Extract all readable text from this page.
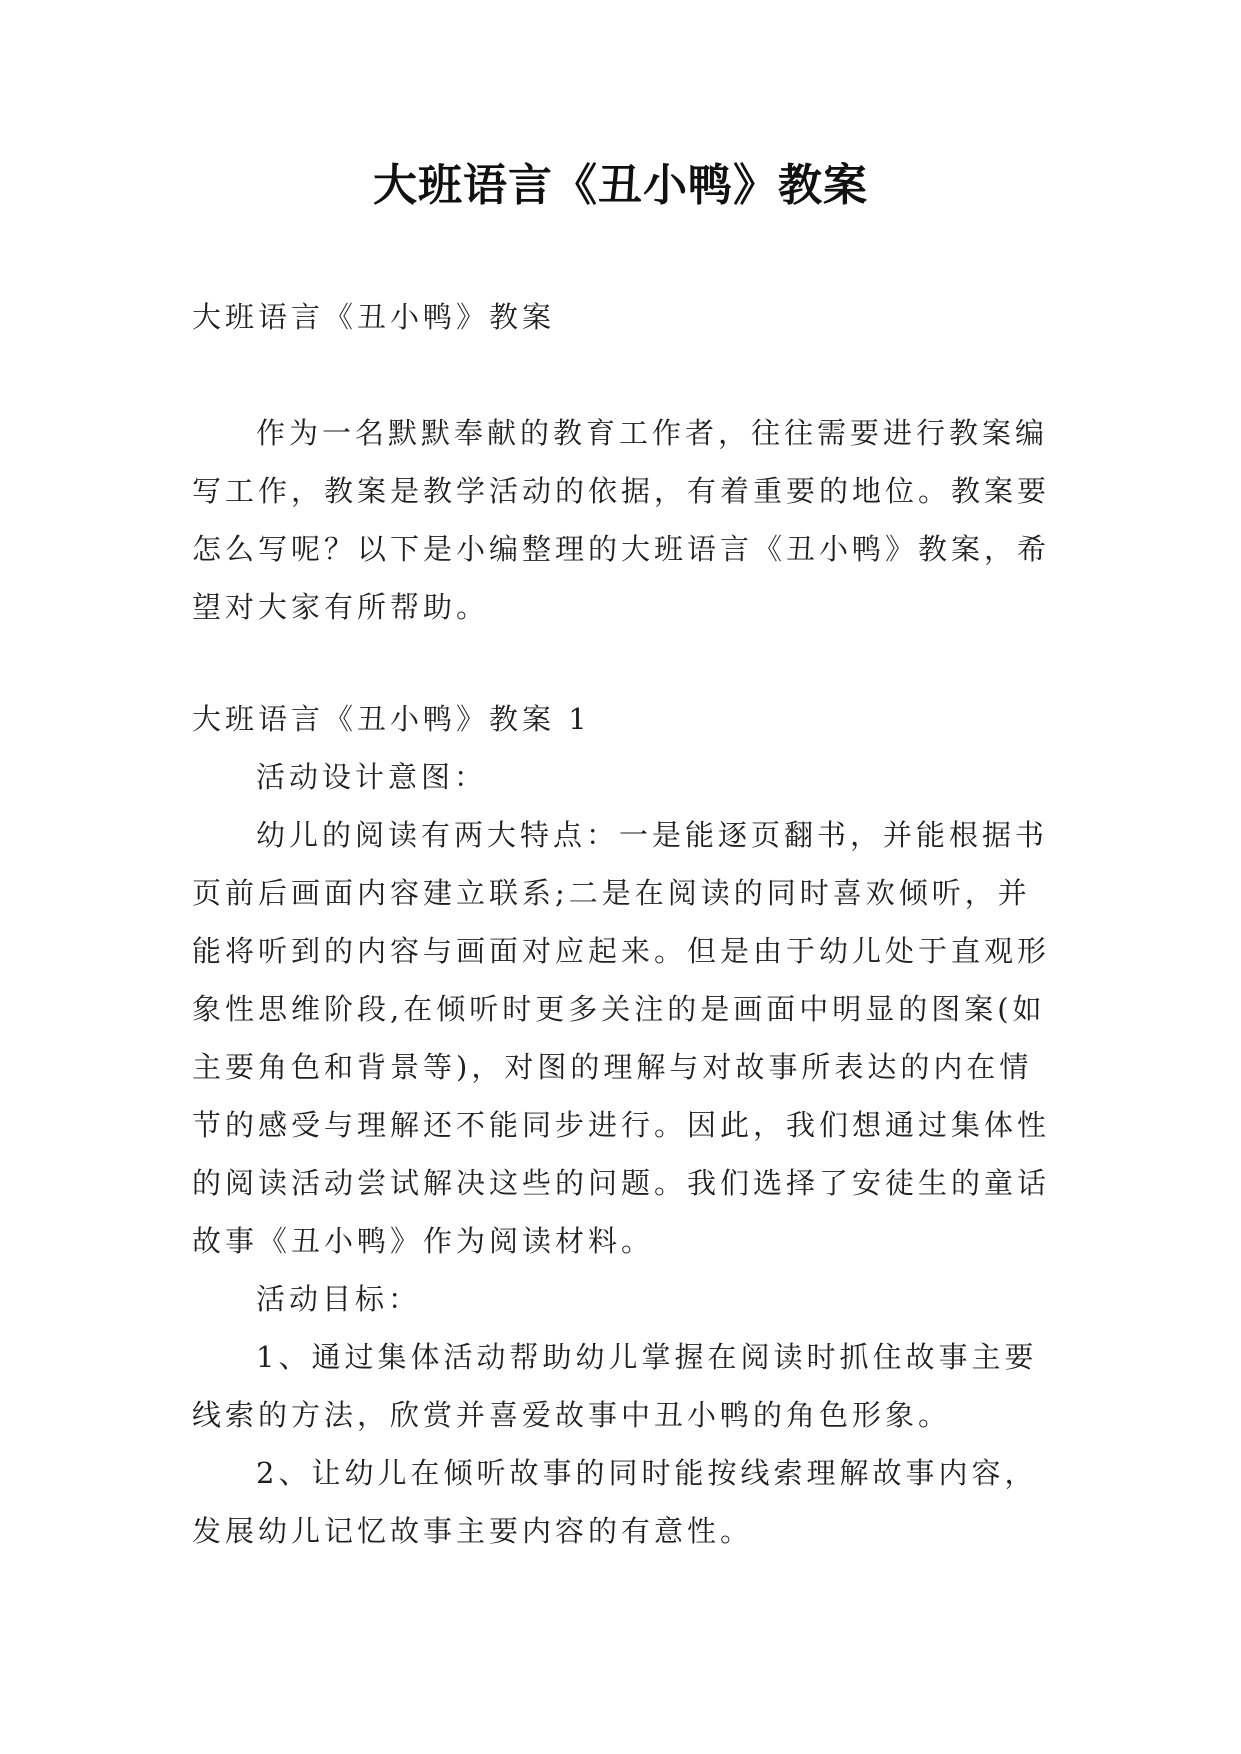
大班语言《丑小鸭》教案
大班语言《丑小鸭》教案
作为一名默默奉献的教育工作者，往往需要进行教案编
写工作，教案是教学活动的依据，有着重要的地位。教案要
怎么写呢？以下是小编整理的大班语言《丑小鸭》教案，希
望对大家有所帮助。
大班语言《丑小鸭》教案 1
活动设计意图：
幼儿的阅读有两大特点：一是能逐页翻书，并能根据书
页前后画面内容建立联系;二是在阅读的同时喜欢倾听，并
能将听到的内容与画面对应起来。但是由于幼儿处于直观形
象性思维阶段,在倾听时更多关注的是画面中明显的图案(如
主要角色和背景等)，对图的理解与对故事所表达的内在情
节的感受与理解还不能同步进行。因此，我们想通过集体性
的阅读活动尝试解决这些的问题。我们选择了安徒生的童话
故事《丑小鸭》作为阅读材料。
活动目标：
1、通过集体活动帮助幼儿掌握在阅读时抓住故事主要
线索的方法，欣赏并喜爱故事中丑小鸭的角色形象。
2、让幼儿在倾听故事的同时能按线索理解故事内容，
发展幼儿记忆故事主要内容的有意性。
